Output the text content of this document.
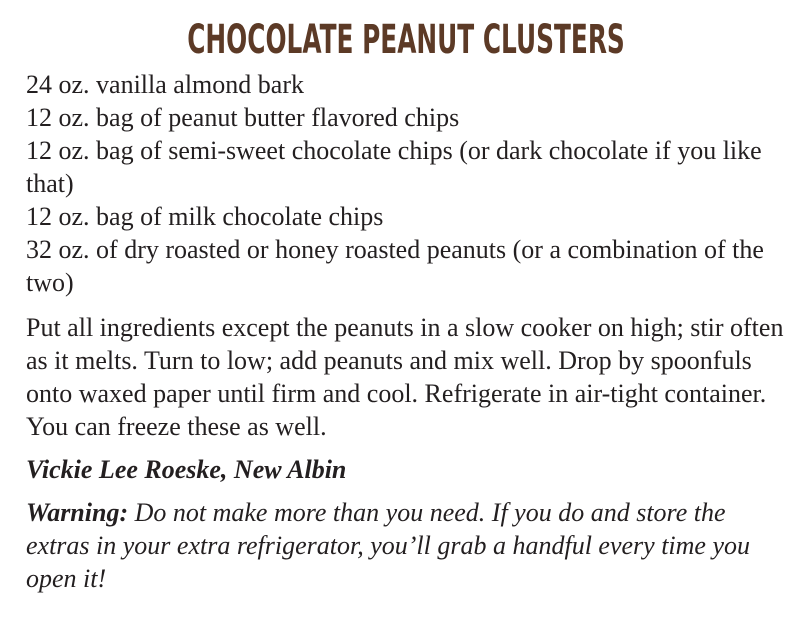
CHOCOLATE PEANUT CLUSTERS
24 oz. vanilla almond bark
12 oz. bag of peanut butter flavored chips
12 oz. bag of semi-sweet chocolate chips (or dark chocolate if you like that)
12 oz. bag of milk chocolate chips
32 oz. of dry roasted or honey roasted peanuts (or a combination of the two)
Put all ingredients except the peanuts in a slow cooker on high; stir often as it melts. Turn to low; add peanuts and mix well. Drop by spoonfuls onto waxed paper until firm and cool. Refrigerate in air-tight container. You can freeze these as well.
Vickie Lee Roeske, New Albin
Warning: Do not make more than you need. If you do and store the extras in your extra refrigerator, you’ll grab a handful every time you open it!
